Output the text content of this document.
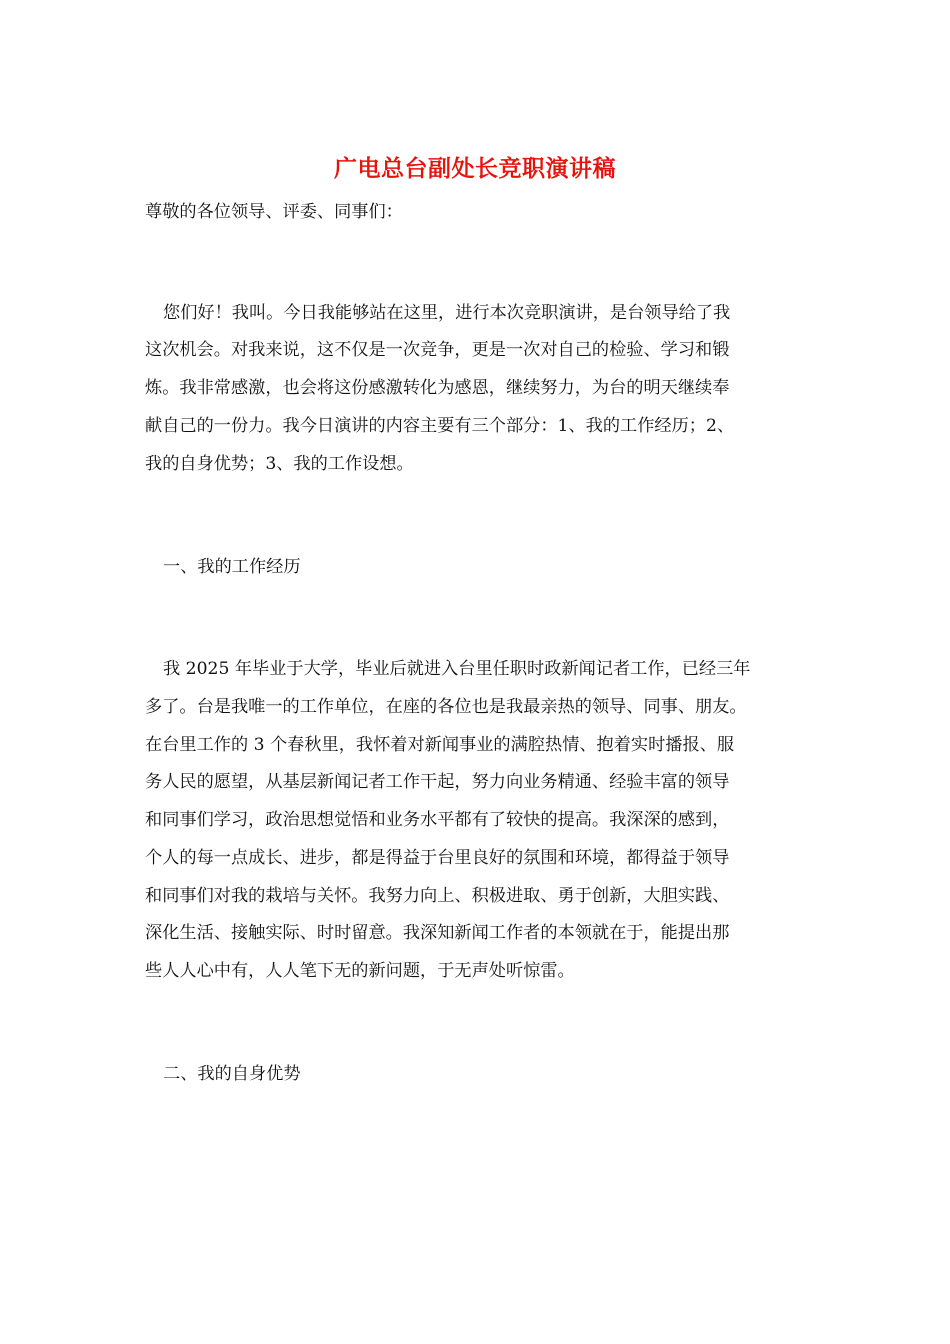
广电总台副处长竞职演讲稿
尊敬的各位领导、评委、同事们：
您们好！我叫。今日我能够站在这里，进行本次竞职演讲，是台领导给了我
这次机会。对我来说，这不仅是一次竞争，更是一次对自己的检验、学习和锻
炼。我非常感激，也会将这份感激转化为感恩，继续努力，为台的明天继续奉
献自己的一份力。我今日演讲的内容主要有三个部分：1、我的工作经历；2、
我的自身优势；3、我的工作设想。
一、我的工作经历
我 2025 年毕业于大学，毕业后就进入台里任职时政新闻记者工作，已经三年
多了。台是我唯一的工作单位，在座的各位也是我最亲热的领导、同事、朋友。
在台里工作的 3 个春秋里，我怀着对新闻事业的满腔热情、抱着实时播报、服
务人民的愿望，从基层新闻记者工作干起，努力向业务精通、经验丰富的领导
和同事们学习，政治思想觉悟和业务水平都有了较快的提高。我深深的感到，
个人的每一点成长、进步，都是得益于台里良好的氛围和环境，都得益于领导
和同事们对我的栽培与关怀。我努力向上、积极进取、勇于创新，大胆实践、
深化生活、接触实际、时时留意。我深知新闻工作者的本领就在于，能提出那
些人人心中有，人人笔下无的新问题，于无声处听惊雷。
二、我的自身优势
